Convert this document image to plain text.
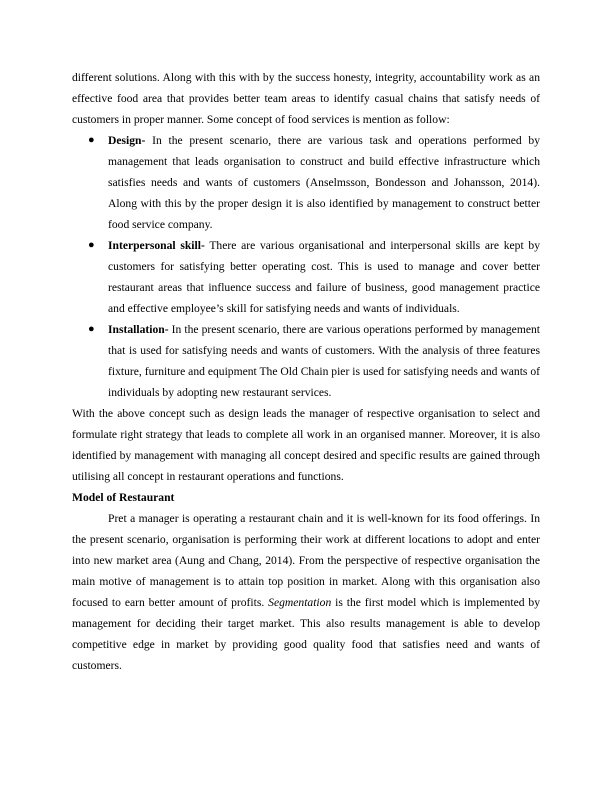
different solutions. Along with this with by the success honesty, integrity, accountability work as an effective food area that provides better team areas to identify casual chains that satisfy needs of customers in proper manner. Some concept of food services is mention as follow:

● Design- In the present scenario, there are various task and operations performed by management that leads organisation to construct and build effective infrastructure which satisfies needs and wants of customers (Anselmsson, Bondesson and Johansson, 2014). Along with this by the proper design it is also identified by management to construct better food service company.
● Interpersonal skill- There are various organisational and interpersonal skills are kept by customers for satisfying better operating cost. This is used to manage and cover better restaurant areas that influence success and failure of business, good management practice and effective employee’s skill for satisfying needs and wants of individuals.
● Installation- In the present scenario, there are various operations performed by management that is used for satisfying needs and wants of customers. With the analysis of three features fixture, furniture and equipment The Old Chain pier is used for satisfying needs and wants of individuals by adopting new restaurant services.

With the above concept such as design leads the manager of respective organisation to select and formulate right strategy that leads to complete all work in an organised manner. Moreover, it is also identified by management with managing all concept desired and specific results are gained through utilising all concept in restaurant operations and functions.

Model of Restaurant

Pret a manager is operating a restaurant chain and it is well-known for its food offerings. In the present scenario, organisation is performing their work at different locations to adopt and enter into new market area (Aung and Chang, 2014). From the perspective of respective organisation the main motive of management is to attain top position in market. Along with this organisation also focused to earn better amount of profits. Segmentation is the first model which is implemented by management for deciding their target market. This also results management is able to develop competitive edge in market by providing good quality food that satisfies need and wants of customers.
